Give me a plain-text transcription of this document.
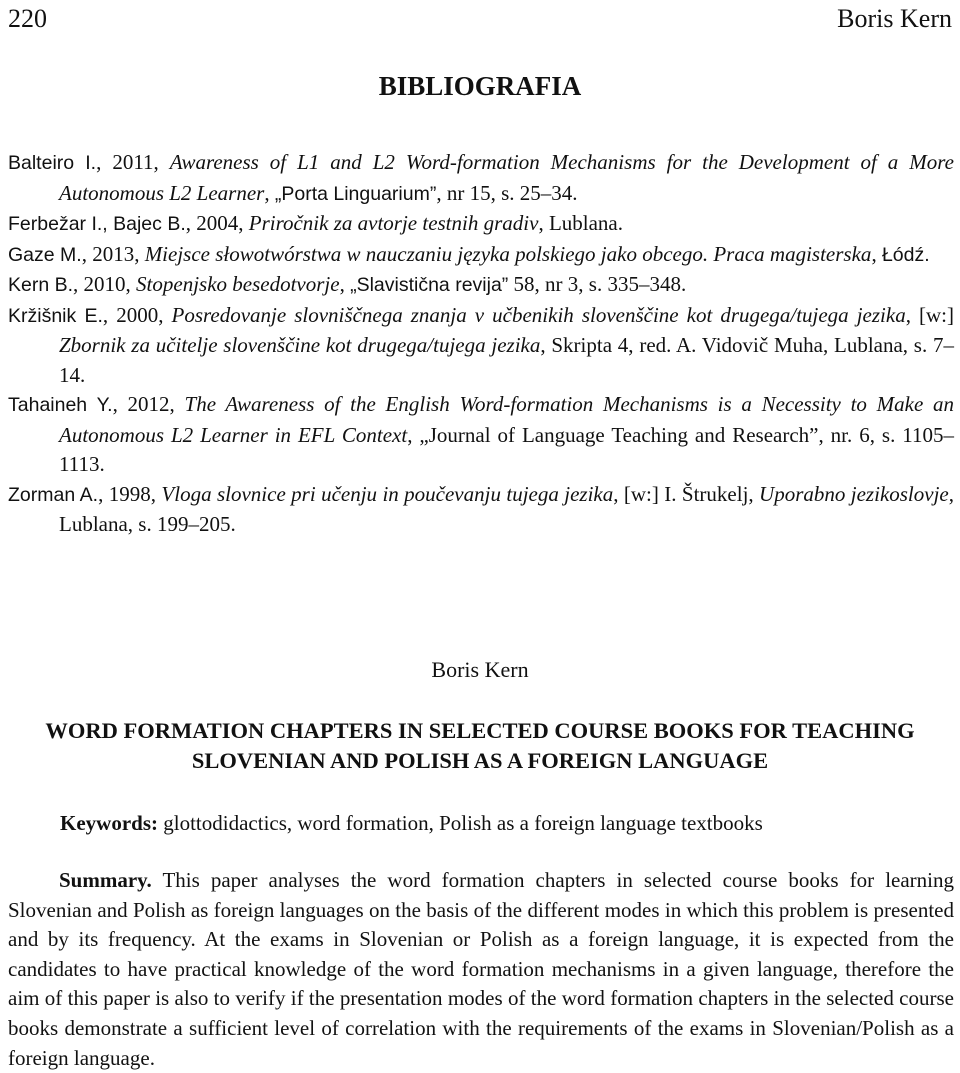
220	Boris Kern
BIBLIOGRAFIA
Balteiro I., 2011, Awareness of L1 and L2 Word-formation Mechanisms for the Development of a More Autonomous L2 Learner, „Porta Linguarium”, nr 15, s. 25–34.
Ferbežar I., Bajec B., 2004, Priročnik za avtorje testnih gradiv, Lublana.
Gaze M., 2013, Miejsce słowotwórstwa w nauczaniu języka polskiego jako obcego. Praca magisterska, Łódź.
Kern B., 2010, Stopenjsko besedotvorje, „Slavistična revija” 58, nr 3, s. 335–348.
Kržišnik E., 2000, Posredovanje slovniščnega znanja v učbenikih slovenščine kot drugega/tujega jezika, [w:] Zbornik za učitelje slovenščine kot drugega/tujega jezika, Skripta 4, red. A. Vidovič Muha, Lublana, s. 7–14.
Tahaineh Y., 2012, The Awareness of the English Word-formation Mechanisms is a Necessity to Make an Autonomous L2 Learner in EFL Context, „Journal of Language Teaching and Research”, nr. 6, s. 1105–1113.
Zorman A., 1998, Vloga slovnice pri učenju in poučevanju tujega jezika, [w:] I. Štrukelj, Uporabno jezikoslovje, Lublana, s. 199–205.
Boris Kern
WORD FORMATION CHAPTERS IN SELECTED COURSE BOOKS FOR TEACHING
SLOVENIAN AND POLISH AS A FOREIGN LANGUAGE
Keywords: glottodidactics, word formation, Polish as a foreign language textbooks
Summary. This paper analyses the word formation chapters in selected course books for learning Slovenian and Polish as foreign languages on the basis of the different modes in which this problem is presented and by its frequency. At the exams in Slovenian or Polish as a foreign language, it is expected from the candidates to have practical knowledge of the word formation mechanisms in a given language, therefore the aim of this paper is also to verify if the presentation modes of the word formation chapters in the selected course books demonstrate a sufficient level of correlation with the requirements of the exams in Slovenian/Polish as a foreign language.
